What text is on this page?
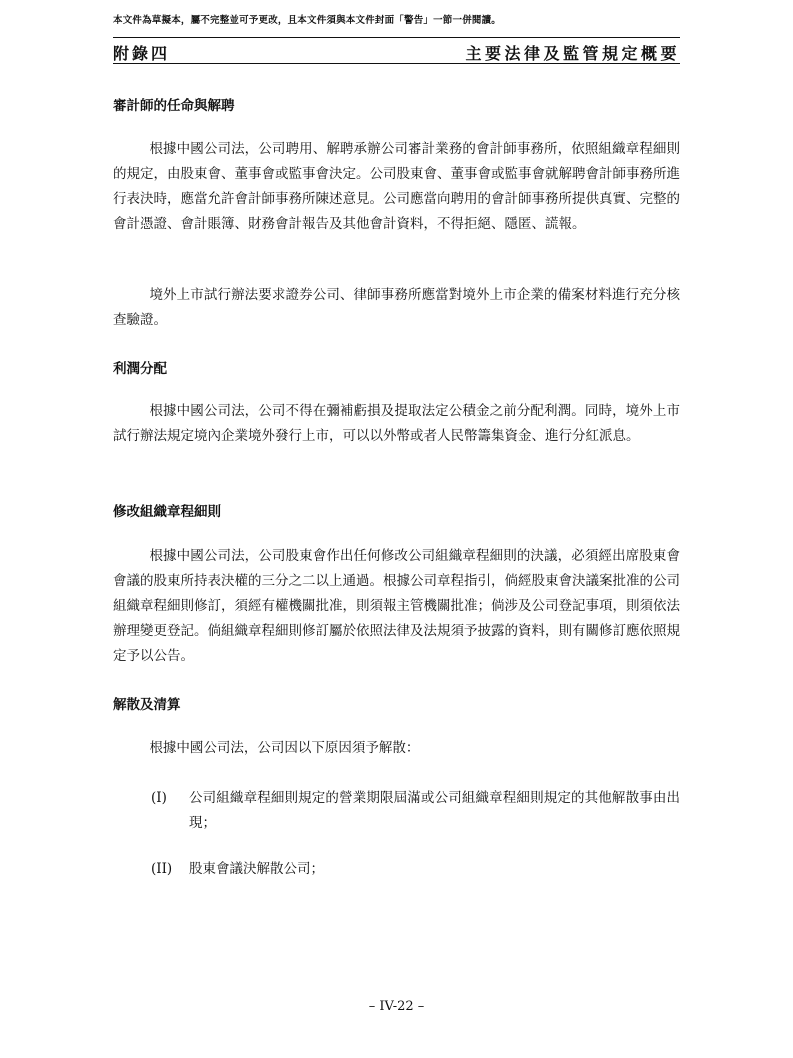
本文件為草擬本，屬不完整並可予更改，且本文件須與本文件封面「警告」一節一併閱讀。
附錄四	主要法律及監管規定概要
審計師的任命與解聘
根據中國公司法，公司聘用、解聘承辦公司審計業務的會計師事務所，依照組織章程細則的規定，由股東會、董事會或監事會決定。公司股東會、董事會或監事會就解聘會計師事務所進行表決時，應當允許會計師事務所陳述意見。公司應當向聘用的會計師事務所提供真實、完整的會計憑證、會計賬簿、財務會計報告及其他會計資料，不得拒絕、隱匿、謊報。
境外上市試行辦法要求證券公司、律師事務所應當對境外上市企業的備案材料進行充分核查驗證。
利潤分配
根據中國公司法，公司不得在彌補虧損及提取法定公積金之前分配利潤。同時，境外上市試行辦法規定境內企業境外發行上市，可以以外幣或者人民幣籌集資金、進行分紅派息。
修改組織章程細則
根據中國公司法，公司股東會作出任何修改公司組織章程細則的決議，必須經出席股東會會議的股東所持表決權的三分之二以上通過。根據公司章程指引，倘經股東會決議案批准的公司組織章程細則修訂，須經有權機關批准，則須報主管機關批准；倘涉及公司登記事項，則須依法辦理變更登記。倘組織章程細則修訂屬於依照法律及法規須予披露的資料，則有關修訂應依照規定予以公告。
解散及清算
根據中國公司法，公司因以下原因須予解散：
(I) 公司組織章程細則規定的營業期限屆滿或公司組織章程細則規定的其他解散事由出現；
(II) 股東會議決解散公司；
– IV-22 –
